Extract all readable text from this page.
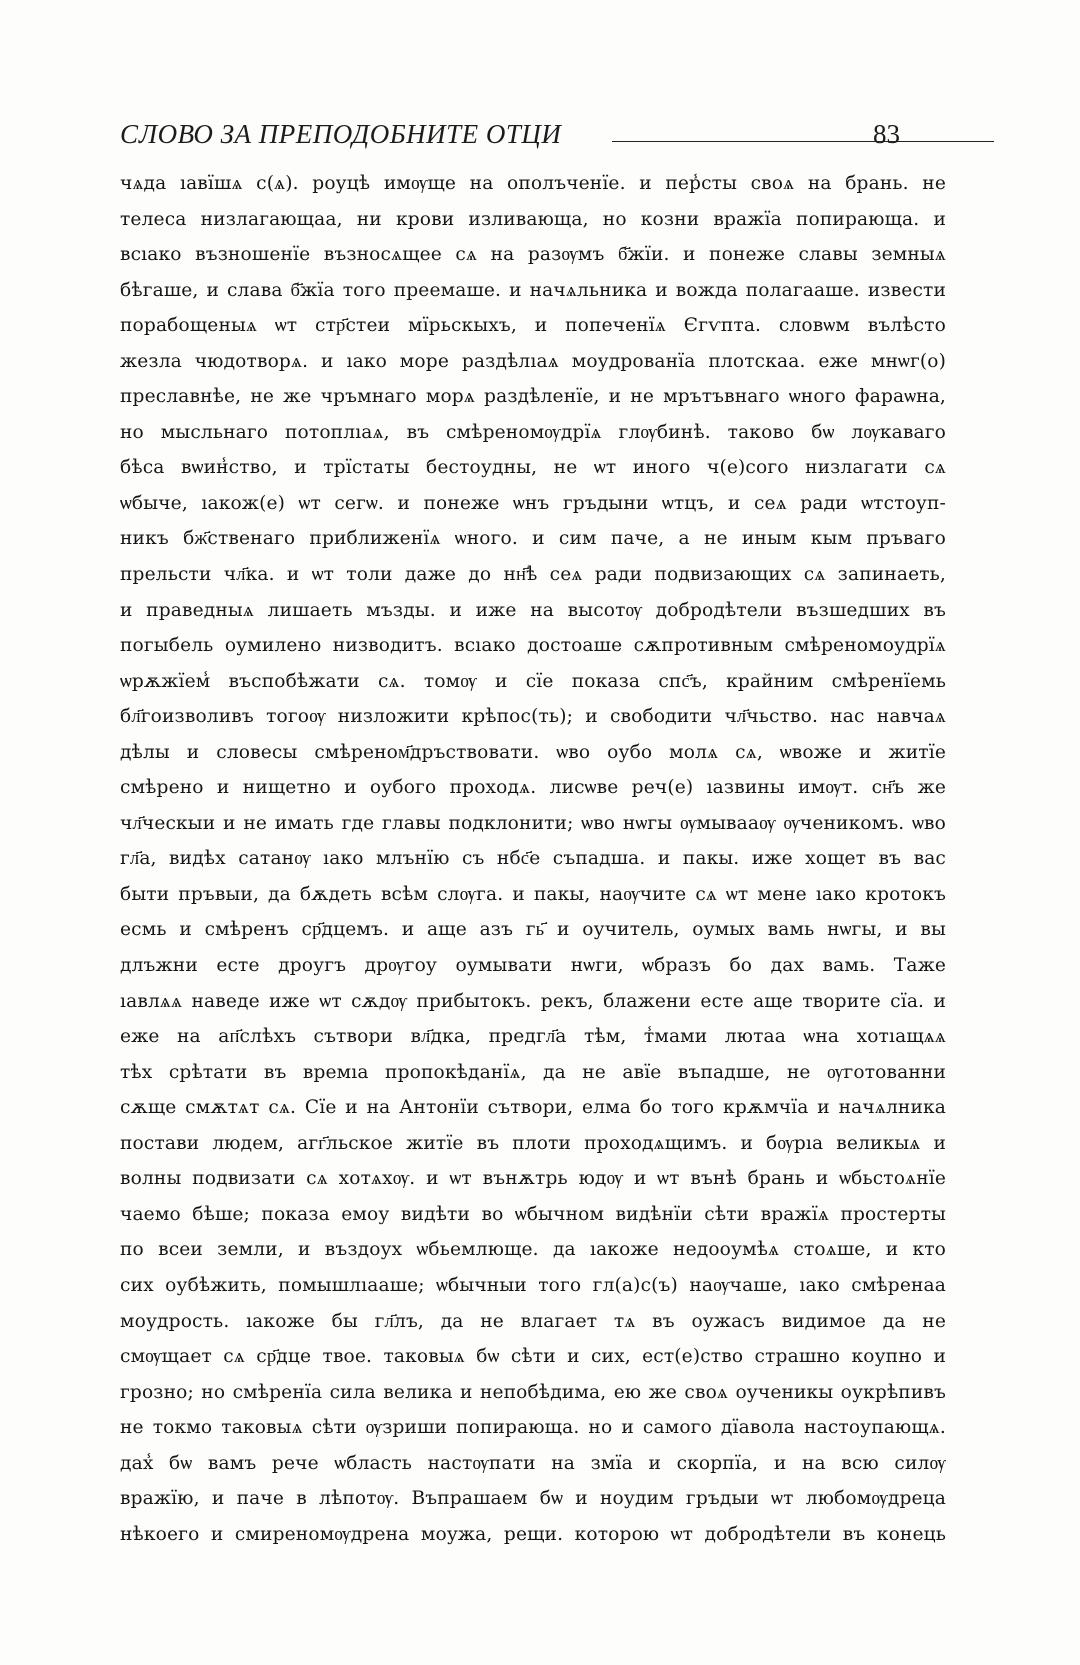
СЛОВО ЗА ПРЕПОДОБНИТЕ ОТЦИ	83
чѧда ıавїшѧ с(ѧ). роуцѣ имѹще на ополъченїе. и пер̾сты своѧ на брань. не
телеса низлагающаа, ни крови изливающа, но козни вражїа попирающа. и
всıако възношенїе възносѧщее сѧ на разѹмъ б҃жїи. и понеже славы земныѧ
бѣгаше, и слава б҃жїа того преемаше. и начѧльника и вожда полагааше. извести
порабощеныѧ ѡт стр҃стеи мїрьскыхъ, и попеченїѧ Єгѵпта. словѡм вълѣсто
жезла чюдотворѧ. и ıако море раздѣлıаѧ моудрованїа плотскаа. еже мнѡг(о)
преславнѣе, не же чръмнаго морѧ раздѣленїе, и не мрътъвнаго ѡного фараѡна,
но мысльнаго потоплıаѧ, въ смѣреномѹдрїѧ глѹбинѣ. таково бѡ лѹкаваго
бѣса вѡин̾ство, и трїстаты бестоудны, не ѡт иного ч(е)сого низлагати сѧ
ѡбыче, ıакож(е) ѡт сегѡ. и понеже ѡнъ гръдыни ѡтцъ, и сеѧ ради ѡтстоуп-
никъ бж҃ственаго приближенїѧ ѡного. и сим паче, а не иным кым пръваго
прельсти чл҃ка. и ѡт толи даже до нн҃ѣ сеѧ ради подвизающих сѧ запинаеть,
и праведныѧ лишаеть мъзды. и иже на высотѹ добродѣтели възшедших въ
погыбель оумилено низводитъ. всıако достоаше сѫпротивным смѣреномоудрїѧ
ѡрѫжїем̾ въспобѣжати сѧ. томѹ и сїе показа спс҃ъ, крайним смѣренїемь
бл҃гоизволивъ тогоѹ низложити крѣпос(ть); и свободити чл҃чьство. нас навчаѧ
дѣлы и словесы смѣреном҃дръствовати. ѡво оубо молѧ сѧ, ѡвоже и житїе
смѣрено и нищетно и оубого проходѧ. лисѡве реч(е) ıазвины имѹт. сн҃ъ же
чл҃ческыи и не имать где главы подклонити; ѡво нѡгы ѹмывааѹ ѹченикомъ. ѡво
гл҃а, видѣх сатанѹ ıако млънїю съ нбс҃е съпадша. и пакы. иже хощет въ вас
быти пръвыи, да бѫдеть всѣм слѹга. и пакы, наѹчите сѧ ѡт мене ıако кротокъ
есмь и смѣренъ ср҃дцемъ. и аще азъ гь҃ и оучитель, оумых вамь нѡгы, и вы
длъжни есте дроугъ дрѹгоу оумывати нѡги, ѡбразъ бо дах вамь. Таже
ıавлѧѧ наведе иже ѡт сѫдѹ прибытокъ. рекъ, блажени есте аще творите сїа. и
еже на ап҃слѣхъ сътвори вл҃дка, предгл҃а тѣм, т̾мами лютаа ѡна хотıащѧѧ
тѣх срѣтати въ времıа пропокѣданїѧ, да не авїе въпадше, не ѹготованни
сѫще смѫтѧт сѧ. Сїе и на Антонїи сътвори, елма бо того крѫмчїа и начѧлника
постави людем, агг҃льское житїе въ плоти проходѧщимъ. и бѹрıа великыѧ и
волны подвизати сѧ хотѧхѹ. и ѡт вънѫтрь юдѹ и ѡт вънѣ брань и ѡбьстоѧнїе
чаемо бѣше; показа емоу видѣти во ѡбычном видѣнїи сѣти вражїѧ простерты
по всеи земли, и въздоух ѡбьемлюще. да ıакоже недооумѣѧ стоѧше, и кто
сих оубѣжить, помышлıааше; ѡбычныи того гл(а)с(ъ) наѹчаше, ıако смѣренаа
моудрость. ıакоже бы гл҃лъ, да не влагает тѧ въ оужасъ видимое да не
смѹщает сѧ ср҃дце твое. таковыѧ бѡ сѣти и сих, ест(е)ство страшно коупно и
грозно; но смѣренїа сила велика и непобѣдима, ею же своѧ оученикы оукрѣпивъ
не токмо таковыѧ сѣти ѹзриши попирающа. но и самого дїавола настоупающѧ.
дах̾ бѡ вамъ рече ѡбласть настѹпати на змїа и скорпїа, и на всю силѹ
вражїю, и паче в лѣпотѹ. Въпрашаем бѡ и ноудим гръдыи ѡт любомѹдреца
нѣкоего и смиреномѹдрена моужа, рещи. которою ѡт добродѣтели въ конець
